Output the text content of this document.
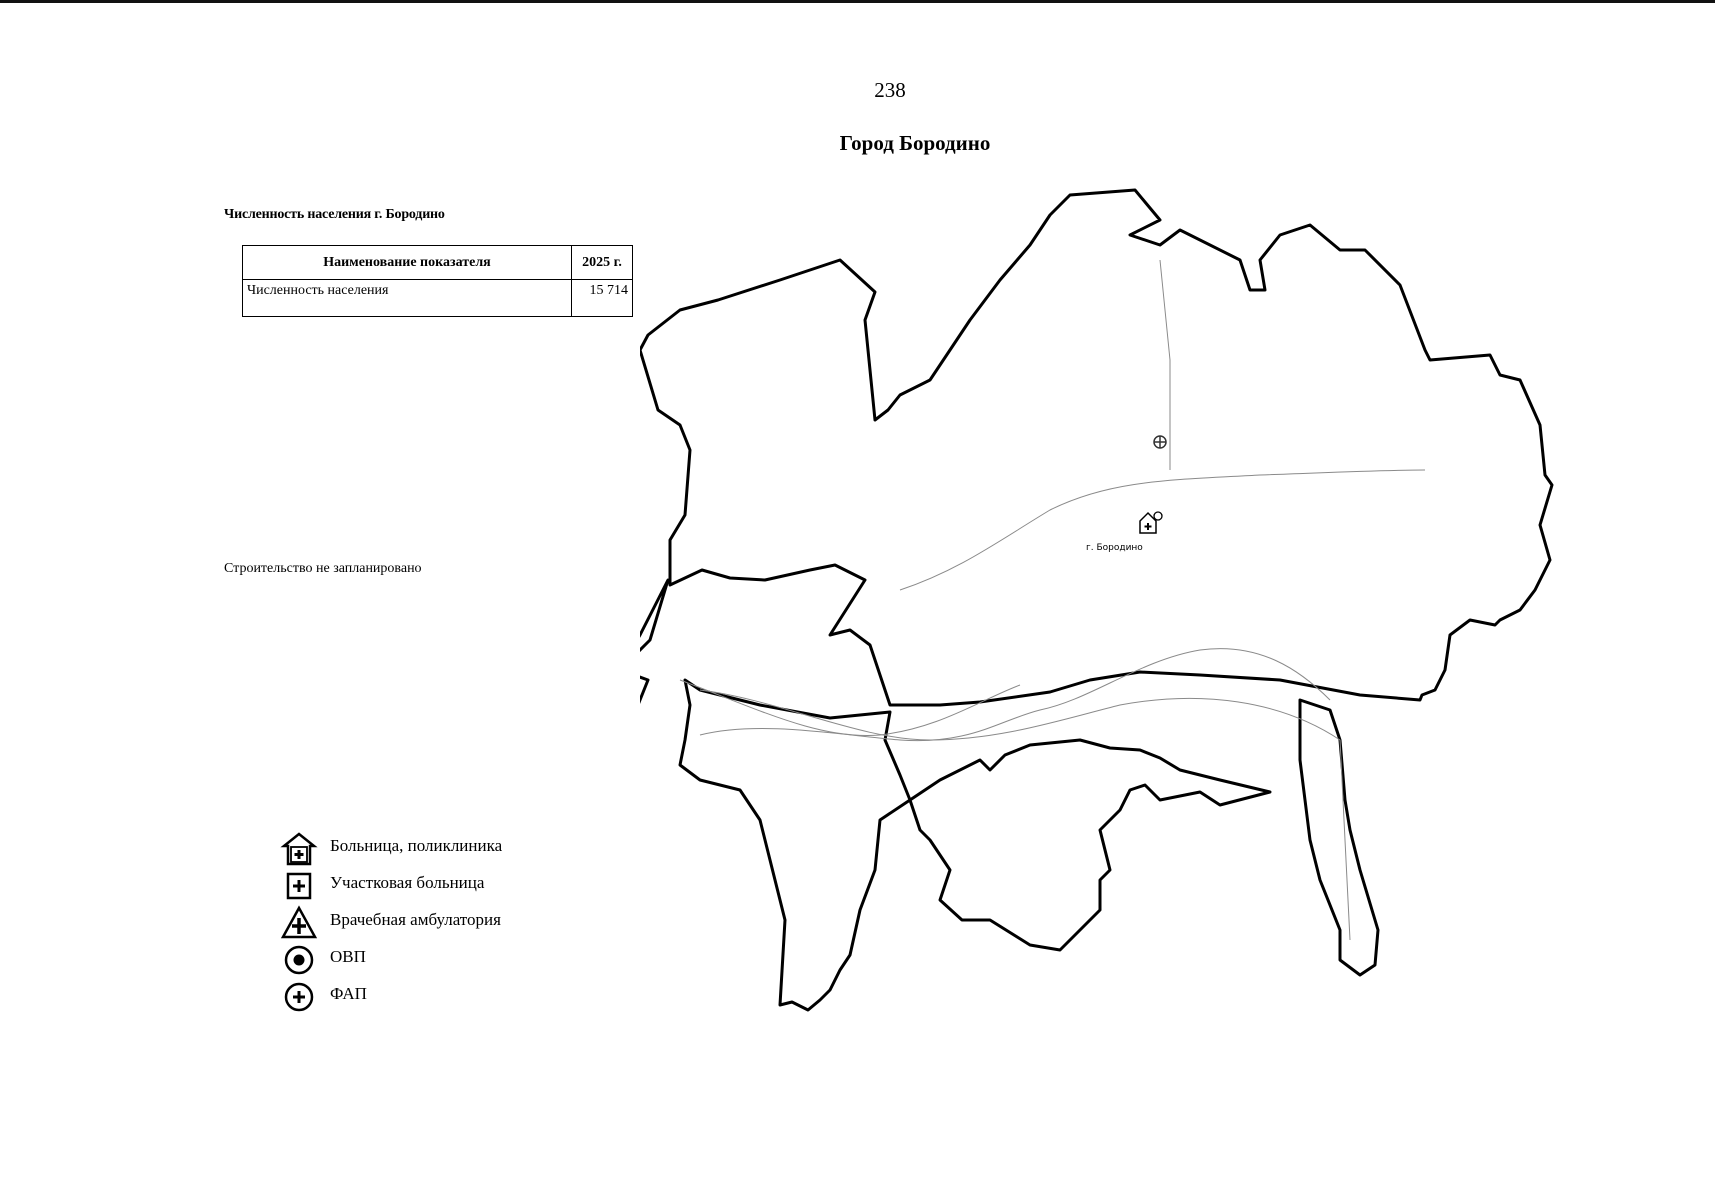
238
Город Бородино
Численность населения г. Бородино
Наименование показателя	2025 г.
Численность населения	15 714
Строительство не запланировано
г. Бородино
Больница, поликлиника
Участковая больница
Врачебная амбулатория
ОВП
ФАП
